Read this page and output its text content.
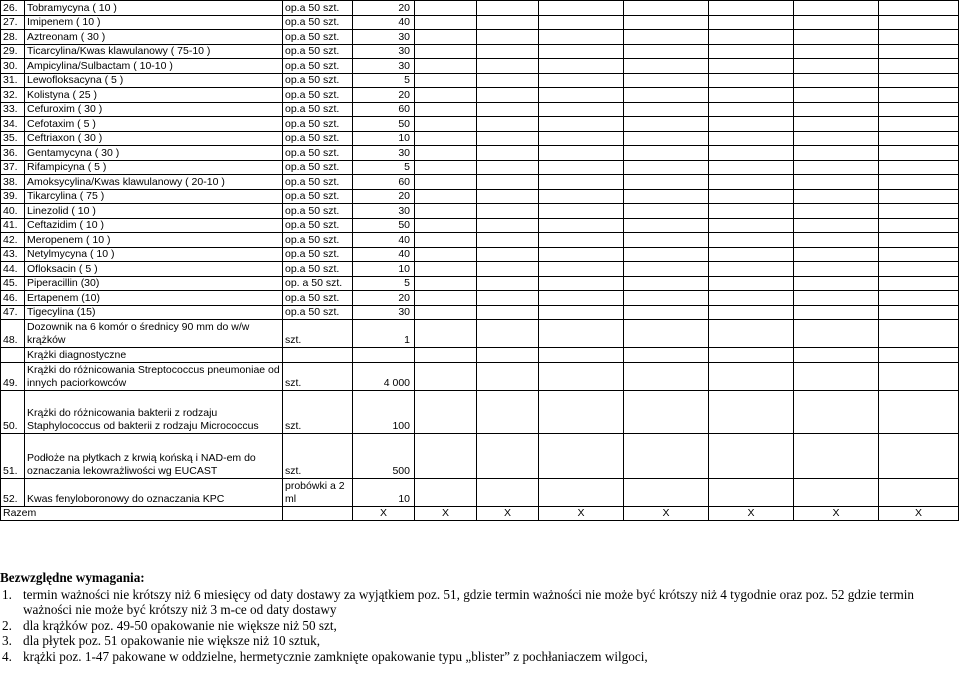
26.	Tobramycyna ( 10 )	op.a 50 szt.	20							
27.	Imipenem ( 10 )	op.a 50 szt.	40							
28.	Aztreonam ( 30 )	op.a 50 szt.	30							
29.	Ticarcylina/Kwas klawulanowy ( 75-10 )	op.a 50 szt.	30							
30.	Ampicylina/Sulbactam ( 10-10 )	op.a 50 szt.	30							
31.	Lewofloksacyna ( 5 )	op.a 50 szt.	5							
32.	Kolistyna ( 25 )	op.a 50 szt.	20							
33.	Cefuroxim ( 30 )	op.a 50 szt.	60							
34.	Cefotaxim ( 5 )	op.a 50 szt.	50							
35.	Ceftriaxon ( 30 )	op.a 50 szt.	10							
36.	Gentamycyna ( 30 )	op.a 50 szt.	30							
37.	Rifampicyna ( 5 )	op.a 50 szt.	5							
38.	Amoksycylina/Kwas klawulanowy ( 20-10 )	op.a 50 szt.	60							
39.	Tikarcylina ( 75 )	op.a 50 szt.	20							
40.	Linezolid ( 10 )	op.a 50 szt.	30							
41.	Ceftazidim ( 10 )	op.a 50 szt.	50							
42.	Meropenem ( 10 )	op.a 50 szt.	40							
43.	Netylmycyna ( 10 )	op.a 50 szt.	40							
44.	Ofloksacin ( 5 )	op.a 50 szt.	10							
45.	Piperacillin (30)	op. a 50 szt.	5							
46.	Ertapenem (10)	op.a 50 szt.	20							
47.	Tigecylina (15)	op.a 50 szt.	30							
48.	Dozownik na 6 komór o średnicy 90 mm do w/w krążków	szt.	1							
	Krążki diagnostyczne									
49.	Krążki do różnicowania Streptococcus pneumoniae od innych paciorkowców	szt.	4 000							
50.	Krążki do różnicowania bakterii z rodzaju Staphylococcus od bakterii z rodzaju Micrococcus	szt.	100							
51.	Podłoże na płytkach z krwią końską i NAD-em do oznaczania lekowrażliwości wg EUCAST	szt.	500							
52.	Kwas fenyloboronowy do oznaczania KPC	probówki a 2 ml	10							
Razem			X	X	X	X	X	X	X	X
Bezwzględne wymagania:
1. termin ważności nie krótszy niż 6 miesięcy od daty dostawy za wyjątkiem poz. 51, gdzie termin ważności nie może być krótszy niż 4 tygodnie oraz poz. 52 gdzie termin ważności nie może być krótszy niż 3 m-ce od daty dostawy
2. dla krążków poz. 49-50 opakowanie nie większe niż 50 szt,
3. dla płytek poz. 51 opakowanie nie większe niż 10 sztuk,
4. krążki poz. 1-47 pakowane w oddzielne, hermetycznie zamknięte opakowanie typu „blister” z pochłaniaczem wilgoci,
